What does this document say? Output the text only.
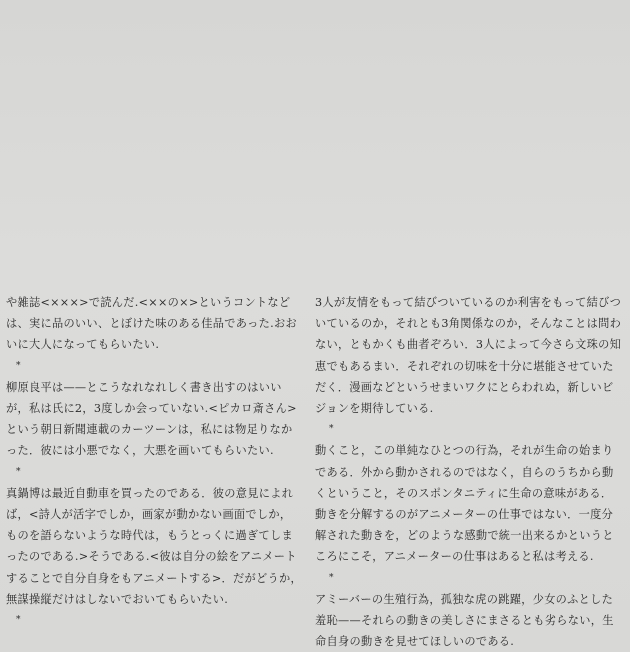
や雑誌<×××>で読んだ.<××の×>というコントなどは、実に品のいい、とぼけた味のある佳品であった.おおいに大人になってもらいたい.

*

柳原良平は——とこうなれなれしく書き出すのはいいが，私は氏に2，3度しか会っていない.<ピカロ斎さん>という朝日新聞連載のカーツーンは，私には物足りなかった．彼には小悪でなく，大悪を画いてもらいたい.

*

真鍋博は最近自動車を買ったのである．彼の意見によれば，<詩人が活字でしか，画家が動かない画面でしか，ものを語らないような時代は，もうとっくに過ぎてしまったのである.>そうである.<彼は自分の絵をアニメートすることで自分自身をもアニメートする>．だがどうか，無謀操縦だけはしないでおいてもらいたい.

*

3人が友情をもって結びついているのか利害をもって結びついているのか，それとも3角関係なのか，そんなことは問わない，ともかくも曲者ぞろい．3人によって今さら文珠の知恵でもあるまい．それぞれの切味を十分に堪能させていただく．漫画などというせまいワクにとらわれぬ，新しいビジョンを期待している.

*

動くこと，この単純なひとつの行為，それが生命の始まりである．外から動かされるのではなく，自らのうちから動くということ，そのスポンタニティに生命の意味がある．動きを分解するのがアニメーターの仕事ではない．一度分解された動きを，どのような感動で統一出来るかというところにこそ，アニメーターの仕事はあると私は考える.

*

アミーバーの生殖行為，孤独な虎の跳躍，少女のふとした羞恥——それらの動きの美しさにまさるとも劣らない，生命自身の動きを見せてほしいのである.
